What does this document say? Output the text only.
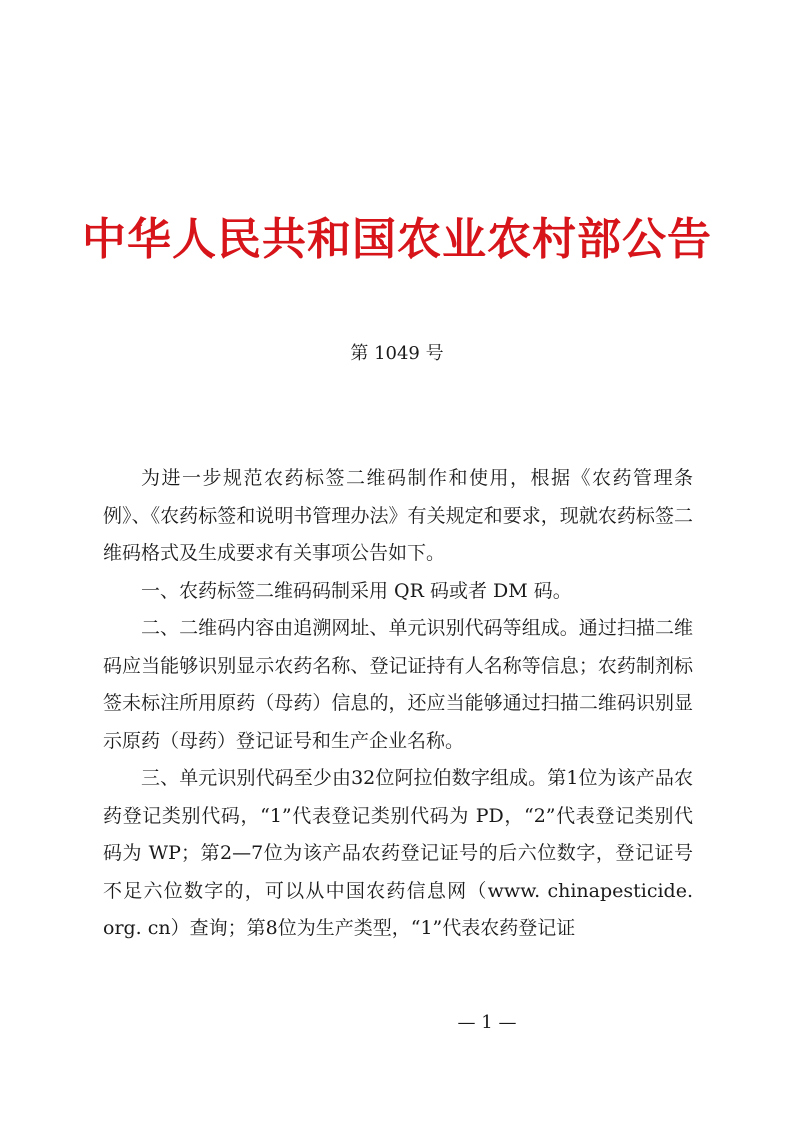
中华人民共和国农业农村部公告
第 1049 号

为进一步规范农药标签二维码制作和使用，根据《农药管理条例》、《农药标签和说明书管理办法》有关规定和要求，现就农药标签二维码格式及生成要求有关事项公告如下。

一、农药标签二维码码制采用 QR 码或者 DM 码。

二、二维码内容由追溯网址、单元识别代码等组成。通过扫描二维码应当能够识别显示农药名称、登记证持有人名称等信息；农药制剂标签未标注所用原药（母药）信息的，还应当能够通过扫描二维码识别显示原药（母药）登记证号和生产企业名称。

三、单元识别代码至少由32位阿拉伯数字组成。第1位为该产品农药登记类别代码，“1”代表登记类别代码为 PD，“2”代表登记类别代码为 WP；第2—7位为该产品农药登记证号的后六位数字，登记证号不足六位数字的，可以从中国农药信息网（www. chinapesticide. org. cn）查询；第8位为生产类型，“1”代表农药登记证

— 1 —
